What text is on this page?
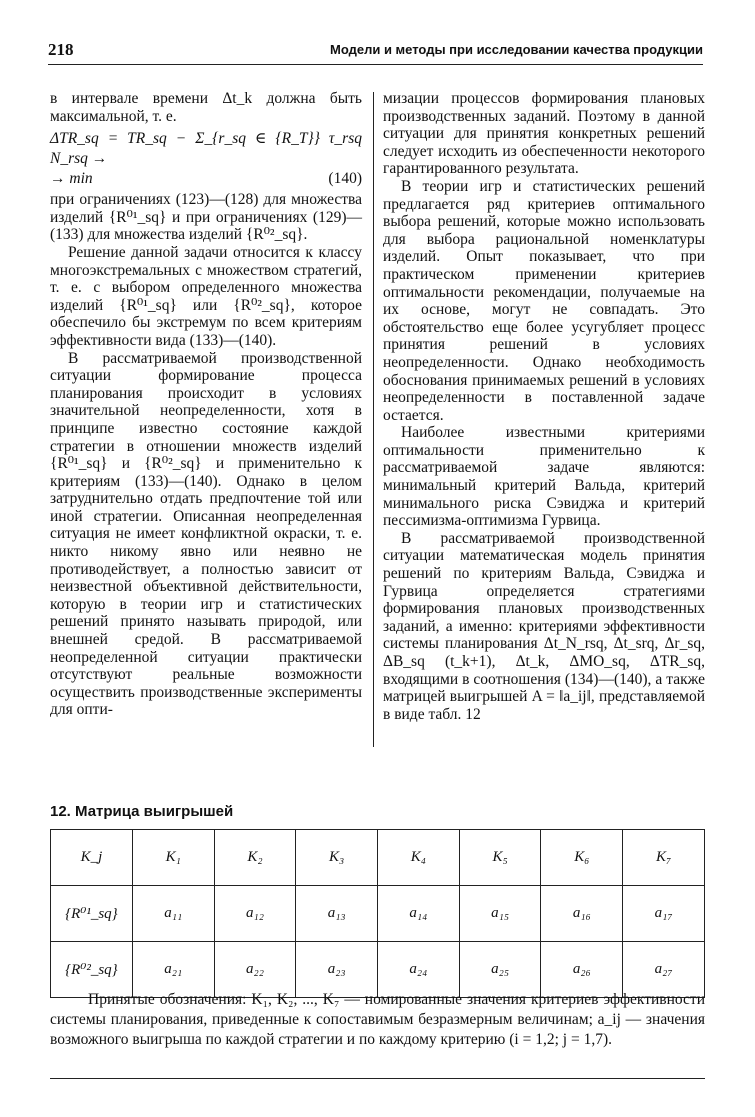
218	Модели и методы при исследовании качества продукции

в интервале времени Δt_k должна быть максимальной, т. е.

ΔTR_sq = TR_sq − Σ_{r_sq ∈ {R_T}} τ_rsq N_rsq →
→ min	(140)

при ограничениях (123)—(128) для множества изделий {R⁰¹_sq} и при ограничениях (129)—(133) для множества изделий {R⁰²_sq}.

Решение данной задачи относится к классу многоэкстремальных с множеством стратегий, т. е. с выбором определенного множества изделий {R⁰¹_sq} или {R⁰²_sq}, которое обеспечило бы экстремум по всем критериям эффективности вида (133)—(140).

В рассматриваемой производственной ситуации формирование процесса планирования происходит в условиях значительной неопределенности, хотя в принципе известно состояние каждой стратегии в отношении множеств изделий {R⁰¹_sq} и {R⁰²_sq} и применительно к критериям (133)—(140). Однако в целом затруднительно отдать предпочтение той или иной стратегии. Описанная неопределенная ситуация не имеет конфликтной окраски, т. е. никто никому явно или неявно не противодействует, а полностью зависит от неизвестной объективной действительности, которую в теории игр и статистических решений принято называть природой, или внешней средой. В рассматриваемой неопределенной ситуации практически отсутствуют реальные возможности осуществить производственные эксперименты для опти-

мизации процессов формирования плановых производственных заданий. Поэтому в данной ситуации для принятия конкретных решений следует исходить из обеспеченности некоторого гарантированного результата.

В теории игр и статистических решений предлагается ряд критериев оптимального выбора решений, которые можно использовать для выбора рациональной номенклатуры изделий. Опыт показывает, что при практическом применении критериев оптимальности рекомендации, получаемые на их основе, могут не совпадать. Это обстоятельство еще более усугубляет процесс принятия решений в условиях неопределенности. Однако необходимость обоснования принимаемых решений в условиях неопределенности в поставленной задаче остается.

Наиболее известными критериями оптимальности применительно к рассматриваемой задаче являются: минимальный критерий Вальда, критерий минимального риска Сэвиджа и критерий пессимизма-оптимизма Гурвица.

В рассматриваемой производственной ситуации математическая модель принятия решений по критериям Вальда, Сэвиджа и Гурвица определяется стратегиями формирования плановых производственных заданий, а именно: критериями эффективности системы планирования Δt_N_rsq, Δt_srq, Δr_sq, ΔB_sq (t_k+1), Δt_k, ΔMO_sq, ΔTR_sq, входящими в соотношения (134)—(140), а также матрицей выигрышей A = ‖a_ij‖, представляемой в виде табл. 12

12. Матрица выигрышей
K_j	K₁	K₂	K₃	K₄	K₅	K₆	K₇
{R⁰¹_sq}	a₁₁	a₁₂	a₁₃	a₁₄	a₁₅	a₁₆	a₁₇
{R⁰²_sq}	a₂₁	a₂₂	a₂₃	a₂₄	a₂₅	a₂₆	a₂₇
Принятые обозначения: K₁, K₂, ..., K₇ — номированные значения критериев эффективности системы планирования, приведенные к сопоставимым безразмерным величинам; a_ij — значения возможного выигрыша по каждой стратегии и по каждому критерию (i = 1,2; j = 1,7).
